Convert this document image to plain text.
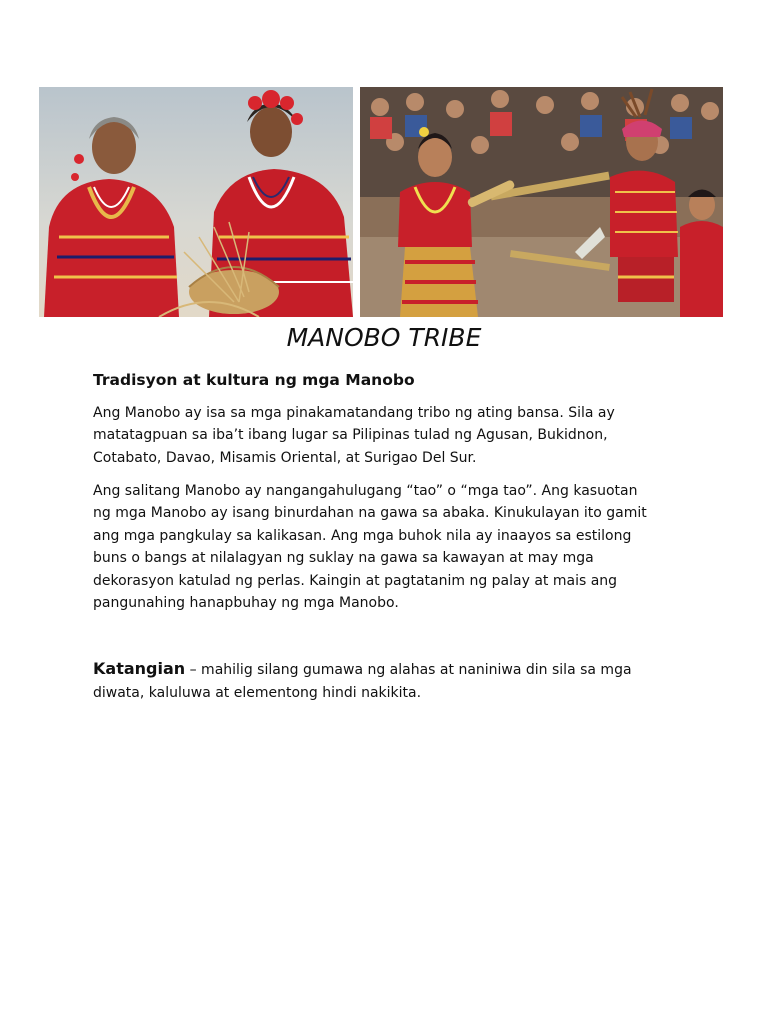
MANOBO TRIBE
Tradisyon at kultura ng mga Manobo
Ang Manobo ay isa sa mga pinakamatandang tribo ng ating bansa. Sila ay
matatagpuan sa iba’t ibang lugar sa Pilipinas tulad ng Agusan, Bukidnon,
Cotabato, Davao, Misamis Oriental, at Surigao Del Sur.
Ang salitang Manobo ay nangangahulugang “tao” o “mga tao”. Ang kasuotan
ng mga Manobo ay isang binurdahan na gawa sa abaka. Kinukulayan ito gamit
ang mga pangkulay sa kalikasan. Ang mga buhok nila ay inaayos sa estilong
buns o bangs at nilalagyan ng suklay na gawa sa kawayan at may mga
dekorasyon katulad ng perlas. Kaingin at pagtatanim ng palay at mais ang
pangunahing hanapbuhay ng mga Manobo.
Katangian – mahilig silang gumawa ng alahas at naniniwa din sila sa mga
diwata, kaluluwa at elementong hindi nakikita.
